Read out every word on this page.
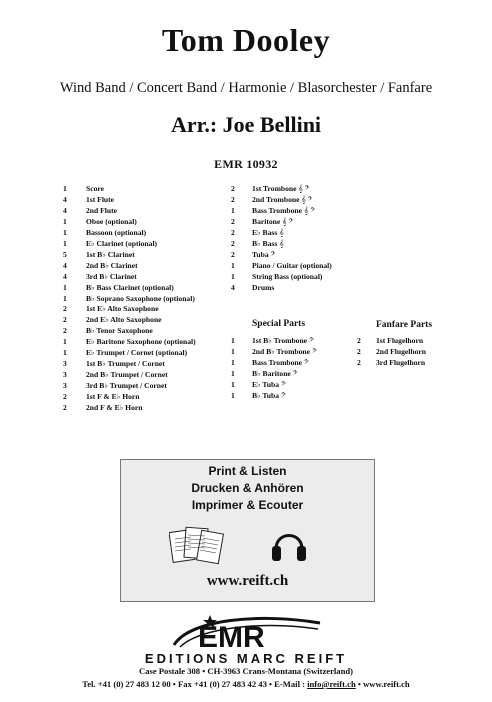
Tom Dooley
Wind Band / Concert Band / Harmonie / Blasorchester / Fanfare
Arr.: Joe Bellini
EMR 10932
1	Score
4	1st Flute
4	2nd Flute
1	Oboe (optional)
1	Bassoon (optional)
1	E♭ Clarinet (optional)
5	1st B♭ Clarinet
4	2nd B♭ Clarinet
4	3rd B♭ Clarinet
1	B♭ Bass Clarinet (optional)
1	B♭ Soprano Saxophone (optional)
2	1st E♭ Alto Saxophone
2	2nd E♭ Alto Saxophone
2	B♭ Tenor Saxophone
1	E♭ Baritone Saxophone (optional)
1	E♭ Trumpet / Cornet (optional)
3	1st B♭ Trumpet / Cornet
3	2nd B♭ Trumpet / Cornet
3	3rd B♭ Trumpet / Cornet
2	1st F & E♭ Horn
2	2nd F & E♭ Horn
2	1st Trombone
𝄞 𝄢
2	2nd Trombone
𝄞 𝄢
1	Bass Trombone
𝄞 𝄢
2	Baritone
𝄞 𝄢
2	E♭ Bass
𝄞
2	B♭ Bass
𝄞
2	Tuba
𝄢
1	Piano / Guitar (optional)
1	String Bass (optional)
4	Drums
Special Parts
1	1st B♭ Trombone
𝄢
1	2nd B♭ Trombone
𝄢
1	Bass Trombone
𝄢
1	B♭ Baritone
𝄢
1	E♭ Tuba
𝄢
1	B♭ Tuba
𝄢
Fanfare Parts
2	1st Flugelhorn
2	2nd Flugelhorn
2	3rd Flugelhorn
Print & Listen
Drucken & Anhören
Imprimer & Ecouter
www.reift.ch
EMR
EDITIONS MARC REIFT
Case Postale 308 • CH-3963 Crans-Montana (Switzerland)
Tel. +41 (0) 27 483 12 00 • Fax +41 (0) 27 483 42 43 • E-Mail : info@reift.ch • www.reift.ch
